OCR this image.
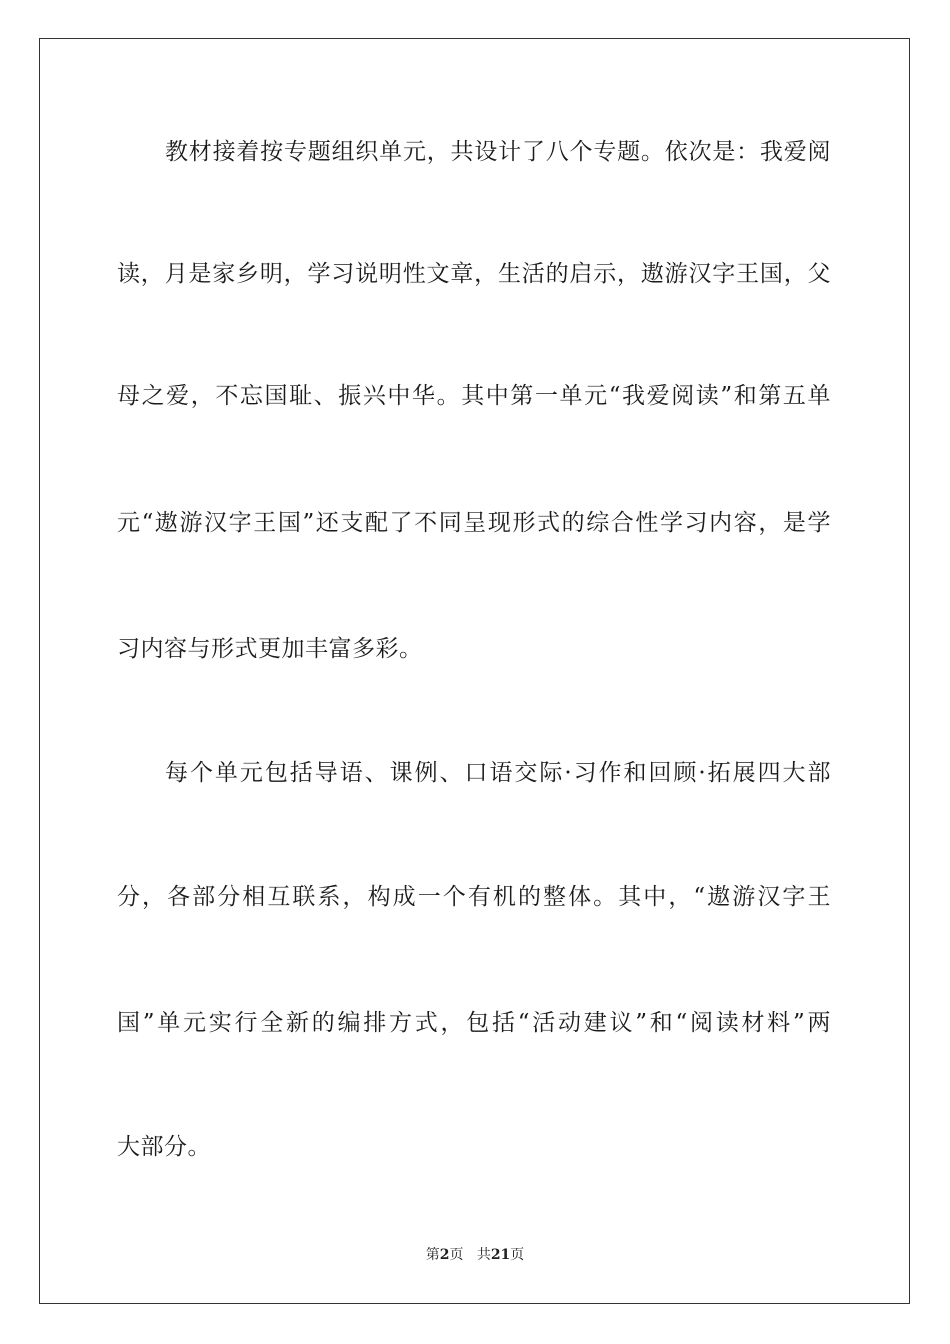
教材接着按专题组织单元，共设计了八个专题。依次是：我爱阅
读，月是家乡明，学习说明性文章，生活的启示，遨游汉字王国，父
母之爱，不忘国耻、振兴中华。其中第一单元“我爱阅读”和第五单
元“遨游汉字王国”还支配了不同呈现形式的综合性学习内容，是学
习内容与形式更加丰富多彩。
每个单元包括导语、课例、口语交际·习作和回顾·拓展四大部
分，各部分相互联系，构成一个有机的整体。其中，“遨游汉字王
国”单元实行全新的编排方式，包括“活动建议”和“阅读材料”两
大部分。
第2页 共21页
